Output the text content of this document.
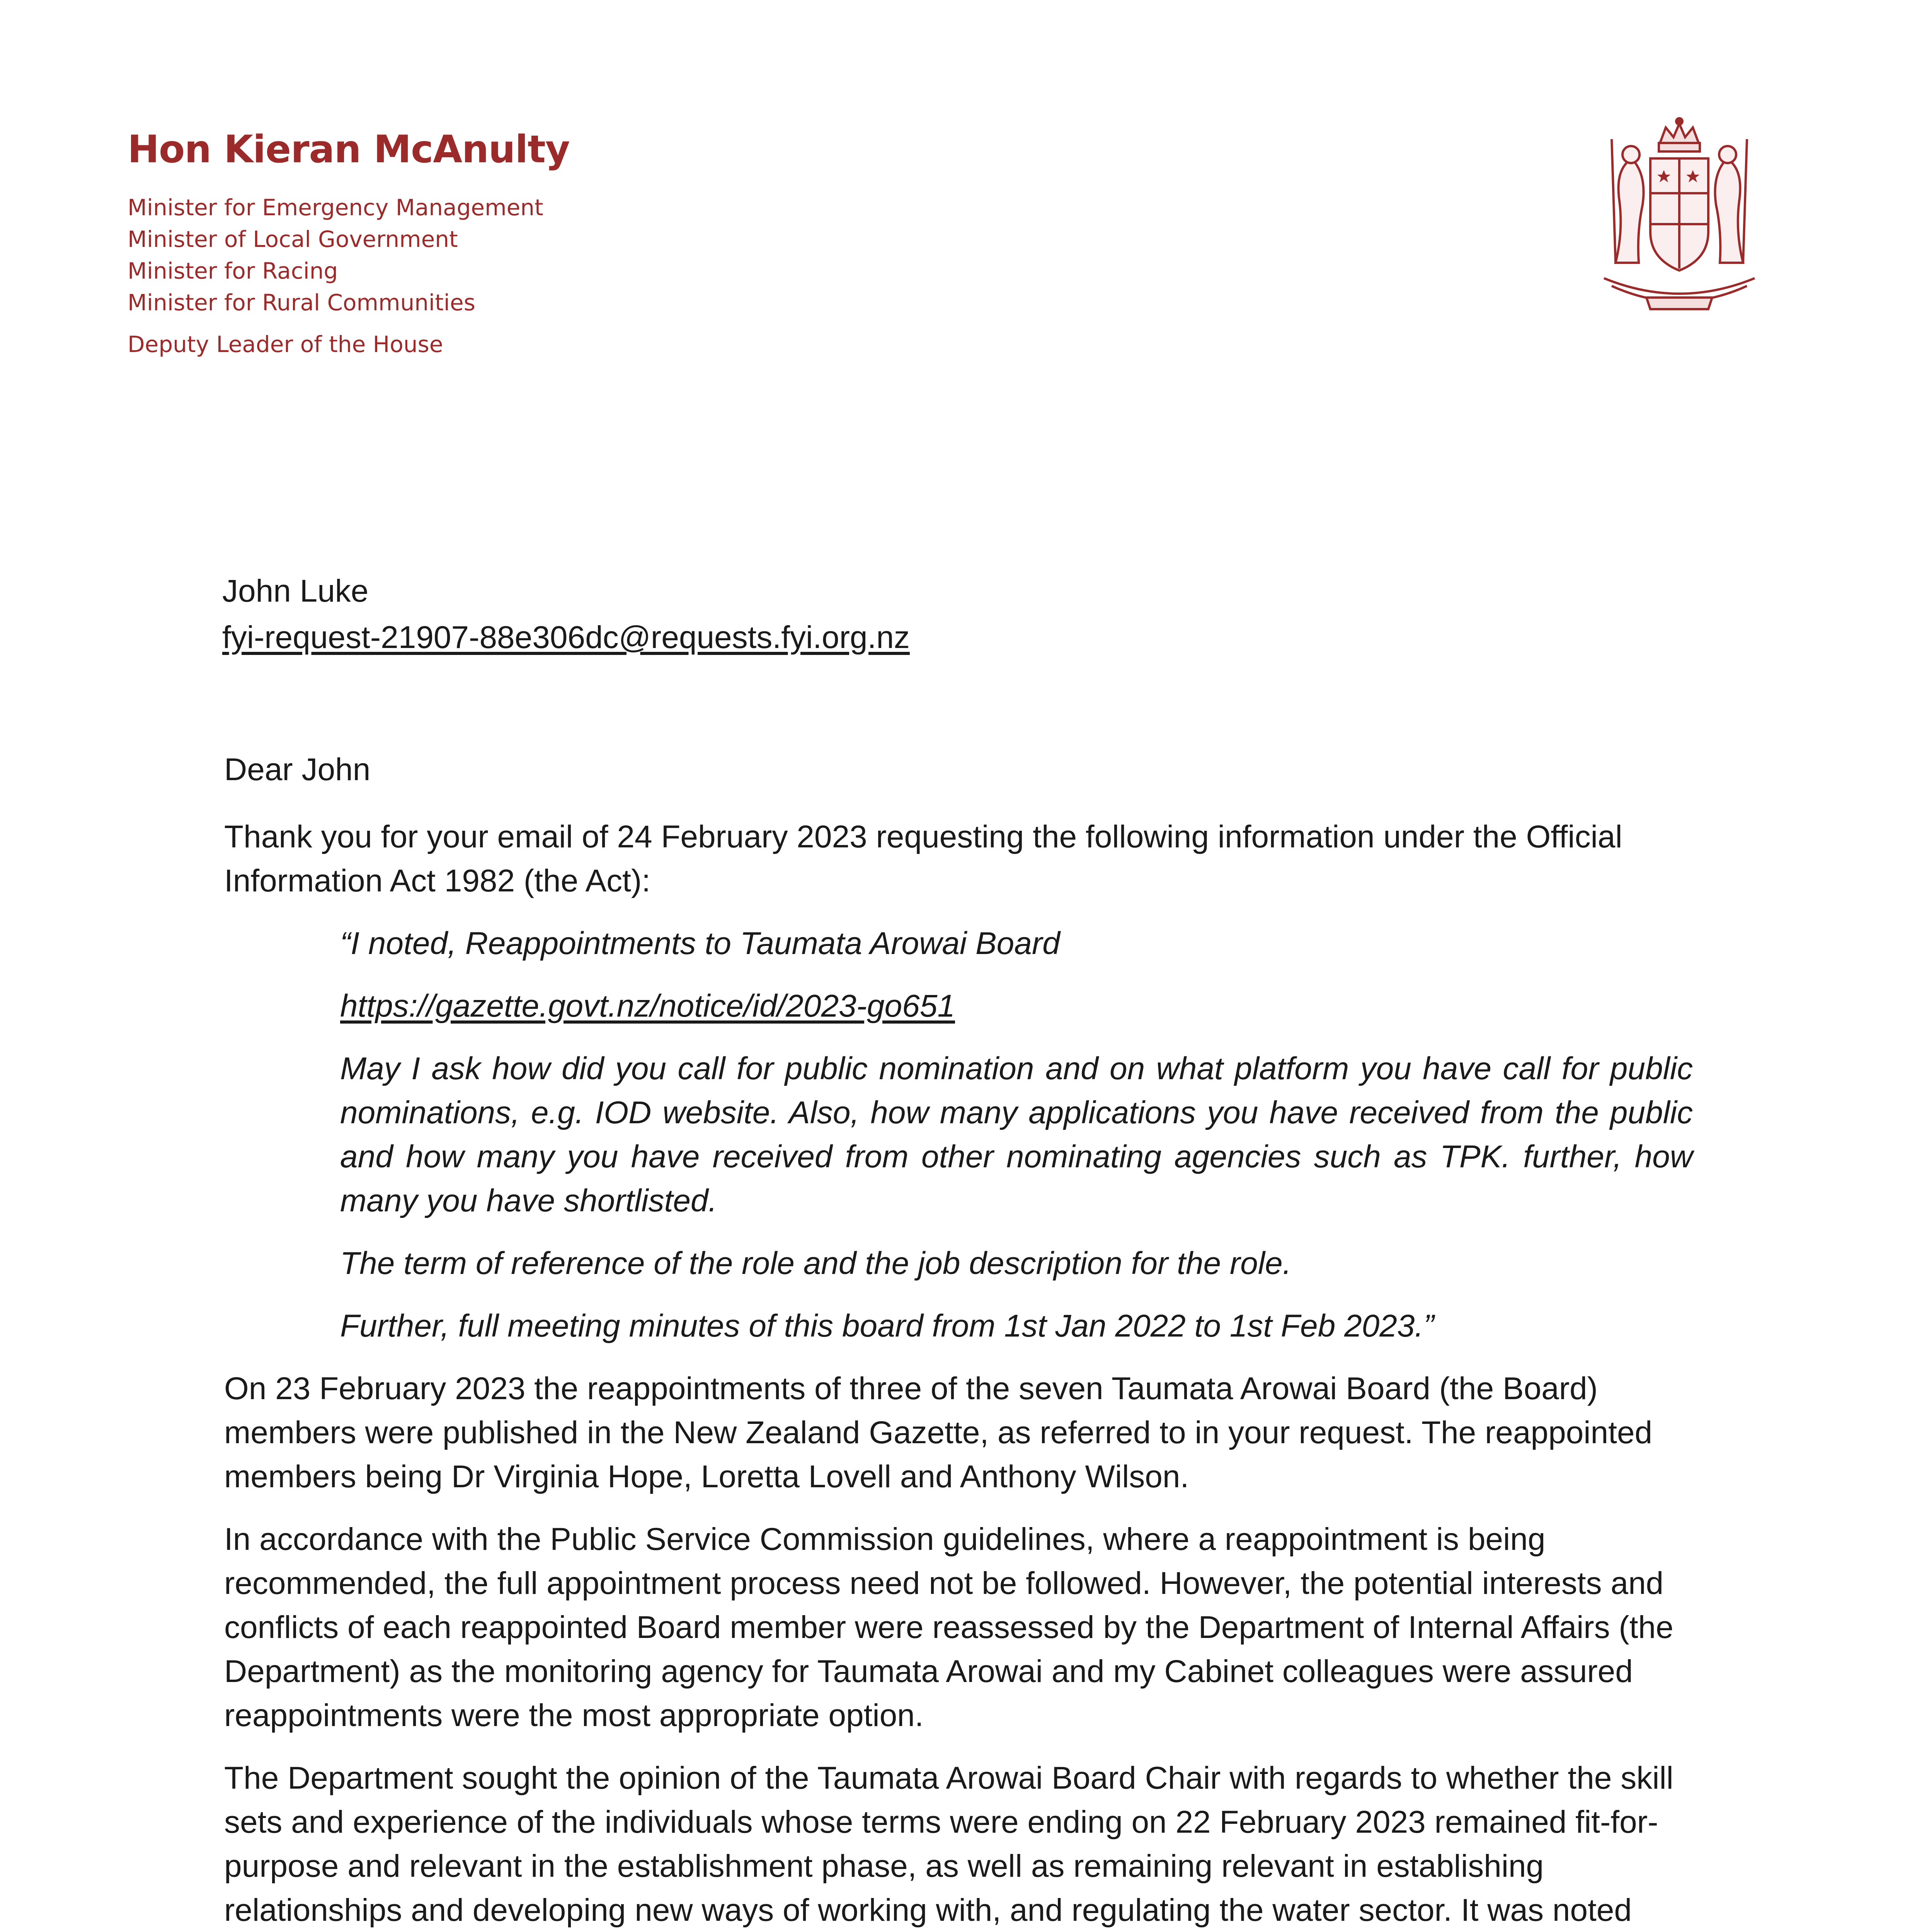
Hon Kieran McAnulty
Minister for Emergency Management
Minister of Local Government
Minister for Racing
Minister for Rural Communities
Deputy Leader of the House
John Luke
fyi-request-21907-88e306dc@requests.fyi.org.nz

Dear John

Thank you for your email of 24 February 2023 requesting the following information under the Official Information Act 1982 (the Act):

“I noted, Reappointments to Taumata Arowai Board

https://gazette.govt.nz/notice/id/2023-go651

May I ask how did you call for public nomination and on what platform you have call for public nominations, e.g. IOD website. Also, how many applications you have received from the public and how many you have received from other nominating agencies such as TPK. further, how many you have shortlisted.

The term of reference of the role and the job description for the role.

Further, full meeting minutes of this board from 1st Jan 2022 to 1st Feb 2023.”

On 23 February 2023 the reappointments of three of the seven Taumata Arowai Board (the Board) members were published in the New Zealand Gazette, as referred to in your request. The reappointed members being Dr Virginia Hope, Loretta Lovell and Anthony Wilson.

In accordance with the Public Service Commission guidelines, where a reappointment is being recommended, the full appointment process need not be followed. However, the potential interests and conflicts of each reappointed Board member were reassessed by the Department of Internal Affairs (the Department) as the monitoring agency for Taumata Arowai and my Cabinet colleagues were assured reappointments were the most appropriate option.

The Department sought the opinion of the Taumata Arowai Board Chair with regards to whether the skill sets and experience of the individuals whose terms were ending on 22 February 2023 remained fit-for-purpose and relevant in the establishment phase, as well as remaining relevant in establishing relationships and developing new ways of working with, and regulating the water sector. It was noted
